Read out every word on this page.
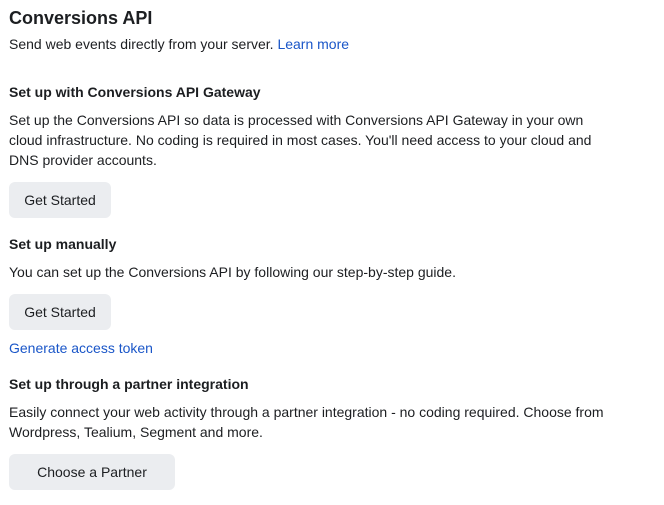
Conversions API

Send web events directly from your server. Learn more

Set up with Conversions API Gateway

Set up the Conversions API so data is processed with Conversions API Gateway in your own cloud infrastructure. No coding is required in most cases. You'll need access to your cloud and DNS provider accounts.

Get Started
Set up manually

You can set up the Conversions API by following our step-by-step guide.

Get Started
Generate access token
Set up through a partner integration

Easily connect your web activity through a partner integration - no coding required. Choose from Wordpress, Tealium, Segment and more.

Choose a Partner
